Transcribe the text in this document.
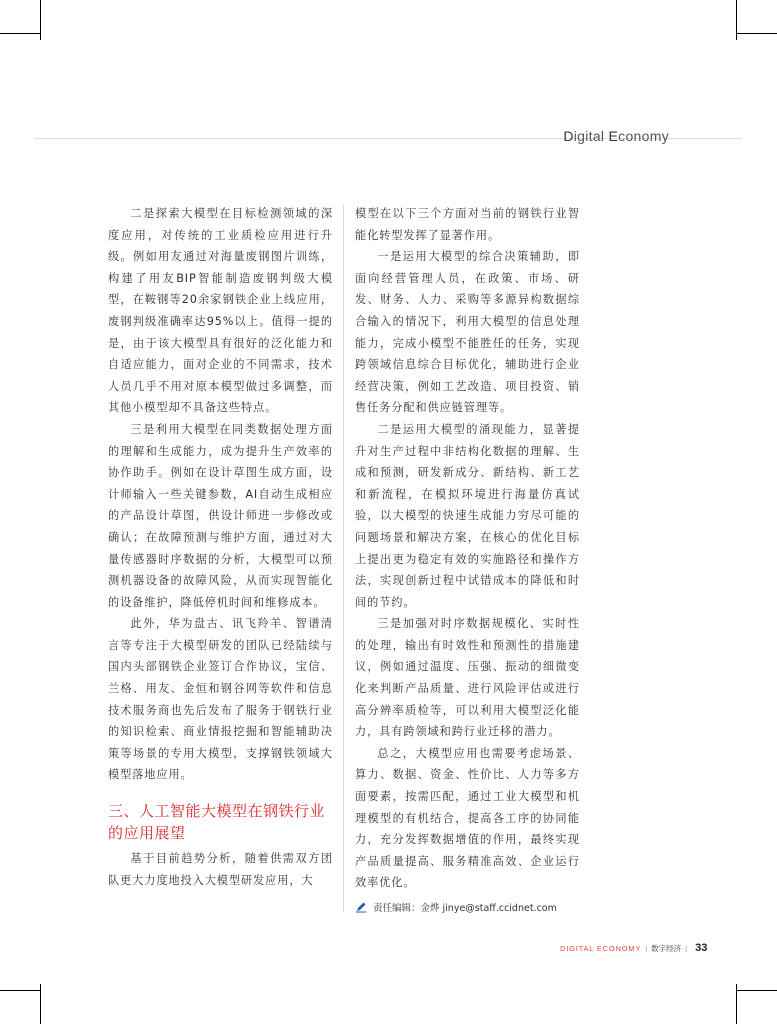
Digital Economy

二是探索大模型在目标检测领域的深度应用，对传统的工业质检应用进行升级。例如用友通过对海量废钢图片训练，构建了用友BIP智能制造废钢判级大模型，在鞍钢等20余家钢铁企业上线应用，废钢判级准确率达95%以上。值得一提的是，由于该大模型具有很好的泛化能力和自适应能力，面对企业的不同需求，技术人员几乎不用对原本模型做过多调整，而其他小模型却不具备这些特点。

三是利用大模型在同类数据处理方面的理解和生成能力，成为提升生产效率的协作助手。例如在设计草图生成方面，设计师输入一些关键参数，AI自动生成相应的产品设计草图，供设计师进一步修改或确认；在故障预测与维护方面，通过对大量传感器时序数据的分析，大模型可以预测机器设备的故障风险，从而实现智能化的设备维护，降低停机时间和维修成本。

此外，华为盘古、讯飞羚羊、智谱清言等专注于大模型研发的团队已经陆续与国内头部钢铁企业签订合作协议，宝信、兰格、用友、金恒和钢谷网等软件和信息技术服务商也先后发布了服务于钢铁行业的知识检索、商业情报挖掘和智能辅助决策等场景的专用大模型，支撑钢铁领域大模型落地应用。

三、人工智能大模型在钢铁行业的应用展望

基于目前趋势分析，随着供需双方团队更大力度地投入大模型研发应用，大

模型在以下三个方面对当前的钢铁行业智能化转型发挥了显著作用。

一是运用大模型的综合决策辅助，即面向经营管理人员，在政策、市场、研发、财务、人力、采购等多源异构数据综合输入的情况下，利用大模型的信息处理能力，完成小模型不能胜任的任务，实现跨领域信息综合目标优化，辅助进行企业经营决策，例如工艺改造、项目投资、销售任务分配和供应链管理等。

二是运用大模型的涌现能力，显著提升对生产过程中非结构化数据的理解、生成和预测，研发新成分、新结构、新工艺和新流程，在模拟环境进行海量仿真试验，以大模型的快速生成能力穷尽可能的问题场景和解决方案，在核心的优化目标上提出更为稳定有效的实施路径和操作方法，实现创新过程中试错成本的降低和时间的节约。

三是加强对时序数据规模化、实时性的处理，输出有时效性和预测性的措施建议，例如通过温度、压强、振动的细微变化来判断产品质量、进行风险评估或进行高分辨率质检等，可以利用大模型泛化能力，具有跨领域和跨行业迁移的潜力。

总之，大模型应用也需要考虑场景、算力、数据、资金、性价比、人力等多方面要素，按需匹配，通过工业大模型和机理模型的有机结合，提高各工序的协同能力，充分发挥数据增值的作用，最终实现产品质量提高、服务精准高效、企业运行效率优化。

责任编辑：金烨 jinye@staff.ccidnet.com
DIGITAL ECONOMY | 数字经济 | 33
